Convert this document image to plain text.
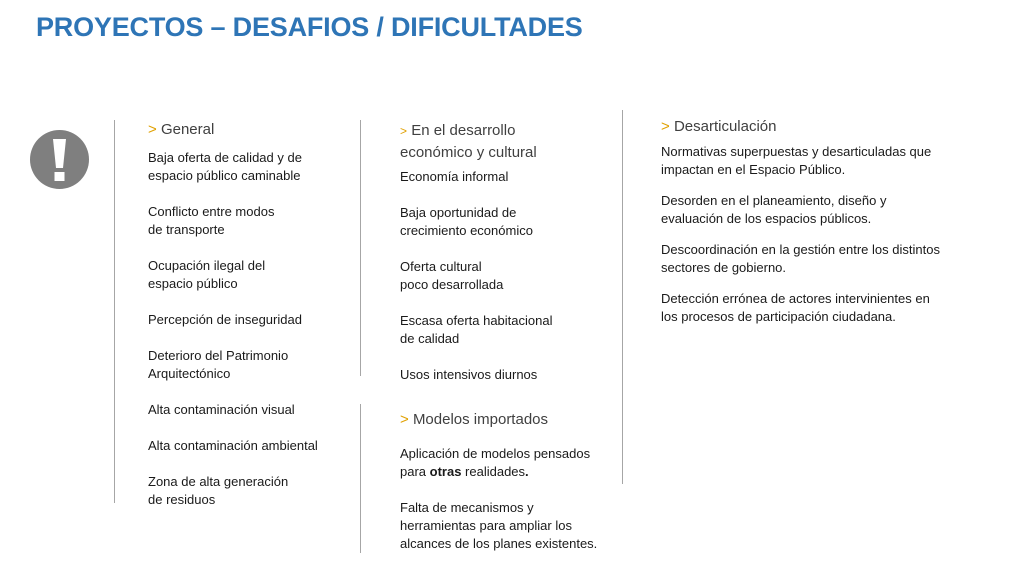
PROYECTOS – DESAFIOS / DIFICULTADES

> General

Baja oferta de calidad y de
espacio público caminable
Conflicto entre modos
de transporte
Ocupación ilegal del
espacio público
Percepción de inseguridad
Deterioro del Patrimonio
Arquitectónico
Alta contaminación visual
Alta contaminación ambiental
Zona de alta generación
de residuos

> En el desarrollo
económico y cultural

Economía informal
Baja oportunidad de
crecimiento económico
Oferta cultural
poco desarrollada
Escasa oferta habitacional
de calidad
Usos intensivos diurnos

> Modelos importados

Aplicación de modelos pensados
para otras realidades.
Falta de mecanismos y
herramientas para ampliar los
alcances de los planes existentes.

> Desarticulación

Normativas superpuestas y desarticuladas que
impactan en el Espacio Público.
Desorden en el planeamiento, diseño y
evaluación de los espacios públicos.
Descoordinación en la gestión entre los distintos
sectores de gobierno.
Detección errónea de actores intervinientes en
los procesos de participación ciudadana.
